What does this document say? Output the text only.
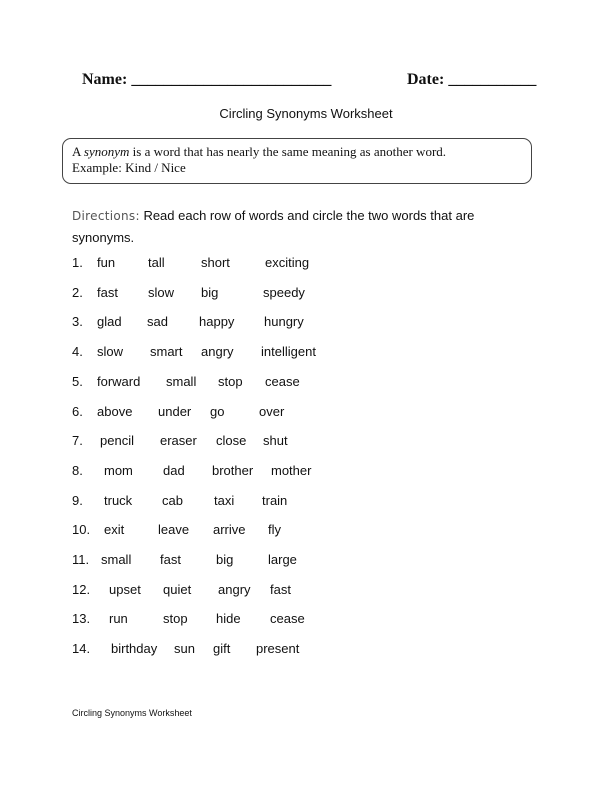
Name: _________________________	Date: ___________
Circling Synonyms Worksheet
A synonym is a word that has nearly the same meaning as another word.
Example: Kind / Nice
Directions: Read each row of words and circle the two words that are synonyms.
1. fun	tall	short	exciting
2. fast slow big	speedy
3. glad sad happy hungry
4. slow smart angry intelligent
5. forward small stop cease
6. above under go	over
7. pencil eraser close shut
8. mom dad brother mother
9. truck cab taxi train
10. exit	leave arrive fly
11. small fast	big	large
12. upset quiet angry fast
13. run	stop hide cease
14. birthday sun gift present
Circling Synonyms Worksheet
